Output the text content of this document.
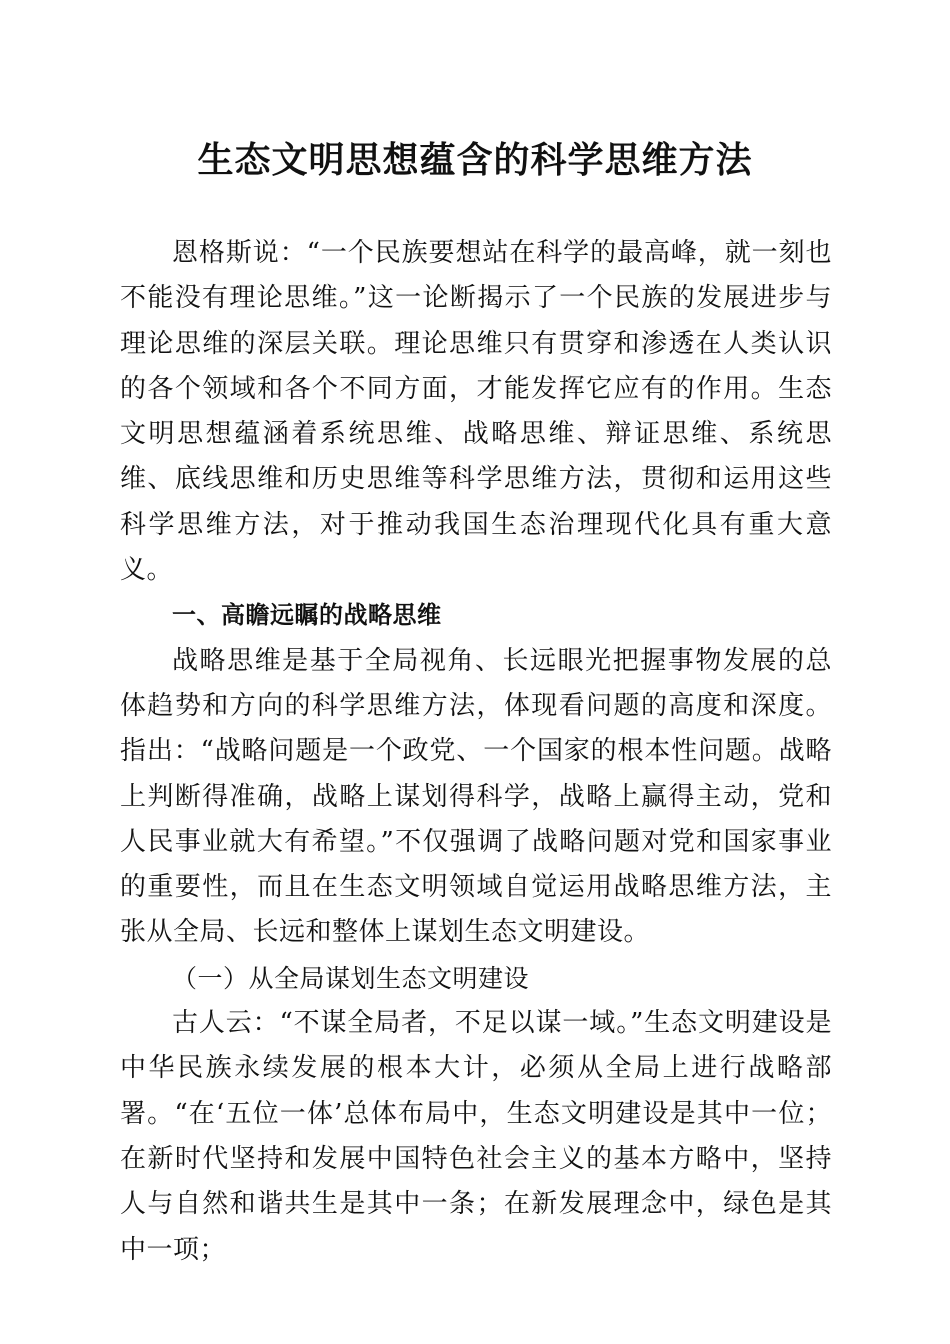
生态文明思想蕴含的科学思维方法

恩格斯说：“一个民族要想站在科学的最高峰，就一刻也不能没有理论思维。”这一论断揭示了一个民族的发展进步与理论思维的深层关联。理论思维只有贯穿和渗透在人类认识的各个领域和各个不同方面，才能发挥它应有的作用。生态文明思想蕴涵着系统思维、战略思维、辩证思维、系统思维、底线思维和历史思维等科学思维方法，贯彻和运用这些科学思维方法，对于推动我国生态治理现代化具有重大意义。

一、高瞻远瞩的战略思维

战略思维是基于全局视角、长远眼光把握事物发展的总体趋势和方向的科学思维方法，体现看问题的高度和深度。指出：“战略问题是一个政党、一个国家的根本性问题。战略上判断得准确，战略上谋划得科学，战略上赢得主动，党和人民事业就大有希望。”不仅强调了战略问题对党和国家事业的重要性，而且在生态文明领域自觉运用战略思维方法，主张从全局、长远和整体上谋划生态文明建设。

（一）从全局谋划生态文明建设

古人云：“不谋全局者，不足以谋一域。”生态文明建设是中华民族永续发展的根本大计，必须从全局上进行战略部署。“在‘五位一体’总体布局中，生态文明建设是其中一位；在新时代坚持和发展中国特色社会主义的基本方略中，坚持人与自然和谐共生是其中一条；在新发展理念中，绿色是其中一项；
